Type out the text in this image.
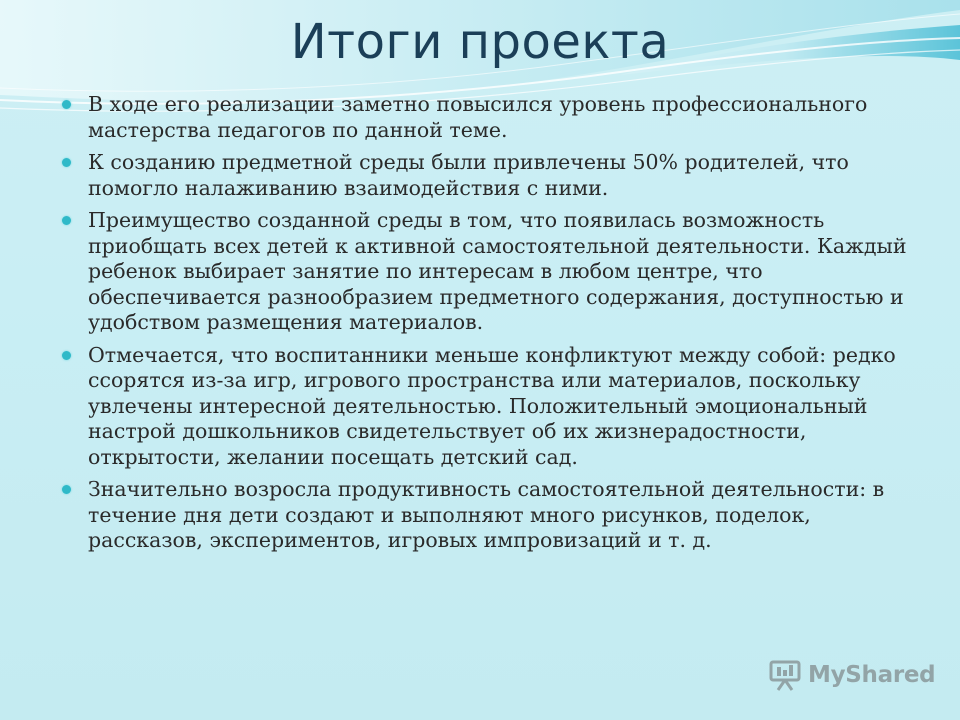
Итоги проекта
В ходе его реализации заметно повысился уровень профессионального мастерства педагогов по данной теме.
К созданию предметной среды были привлечены 50% родителей, что помогло налаживанию взаимодействия с ними.
Преимущество созданной среды в том, что появилась возможность приобщать всех детей к активной самостоятельной деятельности. Каждый ребенок выбирает занятие по интересам в любом центре, что обеспечивается разнообразием предметного содержания, доступностью и удобством размещения материалов.
Отмечается, что воспитанники меньше конфликтуют между собой: редко ссорятся из-за игр, игрового пространства или материалов, поскольку увлечены интересной деятельностью. Положительный эмоциональный настрой дошкольников свидетельствует об их жизнерадостности, открытости, желании посещать детский сад.
Значительно возросла продуктивность самостоятельной деятельности: в течение дня дети создают и выполняют много рисунков, поделок, рассказов, экспериментов, игровых импровизаций и т. д.
MyShared
